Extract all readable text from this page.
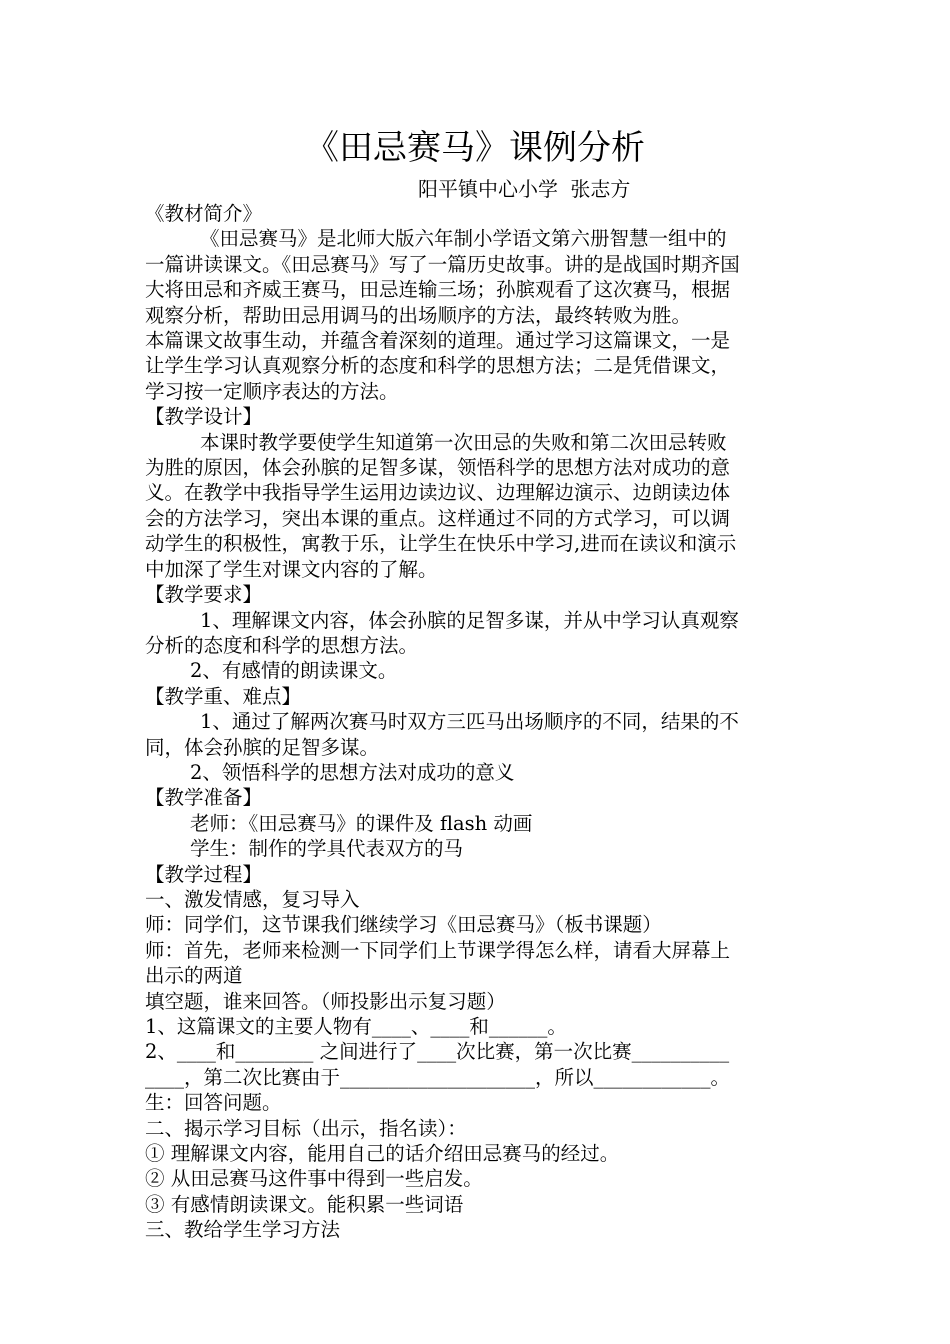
《田忌赛马》课例分析
阳平镇中心小学 张志方

《教材简介》

《田忌赛马》是北师大版六年制小学语文第六册智慧一组中的

一篇讲读课文。《田忌赛马》写了一篇历史故事。讲的是战国时期齐国

大将田忌和齐威王赛马，田忌连输三场；孙膑观看了这次赛马，根据

观察分析，帮助田忌用调马的出场顺序的方法，最终转败为胜。

本篇课文故事生动，并蕴含着深刻的道理。通过学习这篇课文，一是

让学生学习认真观察分析的态度和科学的思想方法；二是凭借课文，

学习按一定顺序表达的方法。

【教学设计】

本课时教学要使学生知道第一次田忌的失败和第二次田忌转败

为胜的原因，体会孙膑的足智多谋，领悟科学的思想方法对成功的意

义。在教学中我指导学生运用边读边议、边理解边演示、边朗读边体

会的方法学习，突出本课的重点。这样通过不同的方式学习，可以调

动学生的积极性，寓教于乐，让学生在快乐中学习,进而在读议和演示

中加深了学生对课文内容的了解。

【教学要求】

1、理解课文内容，体会孙膑的足智多谋，并从中学习认真观察

分析的态度和科学的思想方法。

2、有感情的朗读课文。

【教学重、难点】

1、通过了解两次赛马时双方三匹马出场顺序的不同，结果的不

同，体会孙膑的足智多谋。

2、领悟科学的思想方法对成功的意义

【教学准备】

老师：《田忌赛马》的课件及 flash 动画

学生：制作的学具代表双方的马

【教学过程】

一、激发情感，复习导入

师：同学们，这节课我们继续学习《田忌赛马》（板书课题）

师：首先，老师来检测一下同学们上节课学得怎么样，请看大屏幕上

出示的两道

填空题，谁来回答。（师投影出示复习题）

1、这篇课文的主要人物有____、____和______。

2、____和________ 之间进行了____次比赛，第一次比赛__________

____，第二次比赛由于____________________，所以____________。

生：回答问题。

二、揭示学习目标（出示，指名读）：

① 理解课文内容，能用自己的话介绍田忌赛马的经过。

② 从田忌赛马这件事中得到一些启发。

③ 有感情朗读课文。能积累一些词语

三、教给学生学习方法
